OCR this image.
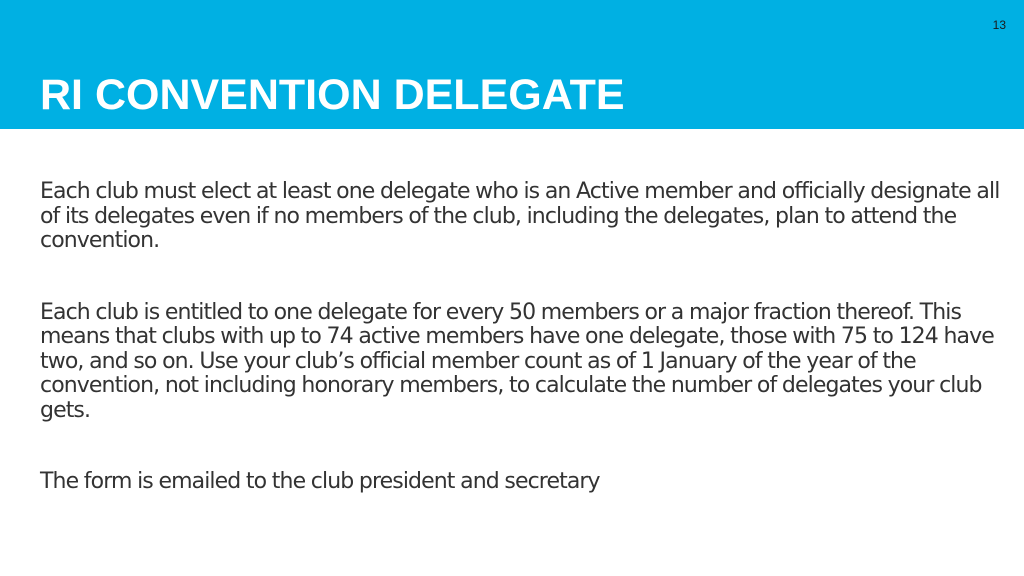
13
RI CONVENTION DELEGATE

Each club must elect at least one delegate who is an Active member and officially designate all of its delegates even if no members of the club, including the delegates, plan to attend the convention.

Each club is entitled to one delegate for every 50 members or a major fraction thereof. This means that clubs with up to 74 active members have one delegate, those with 75 to 124 have two, and so on. Use your club’s official member count as of 1 January of the year of the convention, not including honorary members, to calculate the number of delegates your club gets.

The form is emailed to the club president and secretary
